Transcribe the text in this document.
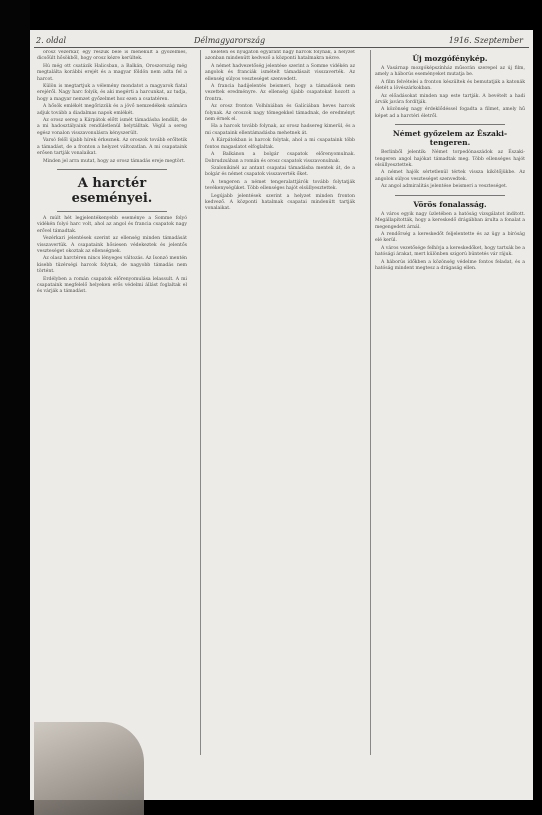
2. oldal	Délmagyarország	1916. Szeptember

orosz vezérkar, egy részük bele is menekült a győzelmes, dicsőült hősökből, hogy orosz kézre kerültek.

Hú még ott csatázik Halicsban, a Balkán, Oroszország még megtalálta korábbi erejét és a magyar földön nem adta fel a harcot.

Külön is megtartjuk a vélemény mondatot a magyarok fiatal erejéről. Nagy harc folyik, és aki megérti a harcunkat, az tudja, hogy a magyar nemzet győzelmet hoz ezen a csatatéren.

A hősök emlékét megőrizzük és a jövő nemzedékek számára adjuk tovább a diadalmas napok emlékét.

Az orosz sereg a Kárpátok előtt ismét támadásba lendült, de a mi hadosztályaink rendületlenül helytálltak. Végül a sereg egész vonalon visszavonulásra kényszerült.

Varsó felől újabb hírek érkeznek. Az oroszok tovább erőltetik a támadást, de a fronton a helyzet változatlan. A mi csapataink erősen tartják vonalaikat.

Minden jel arra mutat, hogy az orosz támadás ereje megtört.

A harctér eseményei.

A múlt hét legjelentékenyebb eseménye a Somme folyó vidékén folyó harc volt, ahol az angol és francia csapatok nagy erővel támadtak.

Vezérkari jelentések szerint az ellenség minden támadását visszavertük. A csapataink hősiesen védekeztek és jelentős veszteséget okoztak az ellenségnek.

Az olasz harctéren nincs lényeges változás. Az Isonzó mentén kisebb tüzérségi harcok folytak, de nagyobb támadás nem történt.

Erdélyben a román csapatok előrenyomulása lelassult. A mi csapataink megfelelő helyeken erős védelmi állást foglaltak el és várják a támadást.

keleten és nyugaton egyaránt nagy harcok folynak, a helyzet azonban mindenütt kedvező a központi hatalmakra nézve.

A német hadvezetőség jelentése szerint a Somme vidékén az angolok és franciák ismételt támadásait visszaverték. Az ellenség súlyos veszteséget szenvedett.

A francia hadijelentés beismeri, hogy a támadások nem vezettek eredményre. Az ellenség újabb csapatokat hozott a frontra.

Az orosz fronton Volhíniában és Galíciában heves harcok folynak. Az oroszok nagy tömegekkel támadnak, de eredményt nem érnek el.

Ha a harcok tovább folynak, az orosz hadsereg kimerül, és a mi csapataink ellentámadásba mehetnek át.

A Kárpátokban is harcok folytak, ahol a mi csapataink több fontos magaslatot elfoglaltak.

A Balkánon a bolgár csapatok előrenyomulnak. Dobrudzsában a román és orosz csapatok visszavonulnak.

Szalonikinél az antant csapatai támadásba mentek át, de a bolgár és német csapatok visszaverték őket.

A tengeren a német tengeralattjárók tovább folytatják tevékenységüket. Több ellenséges hajót elsüllyesztettek.

Legújabb jelentések szerint a helyzet minden fronton kedvező. A központi hatalmak csapatai mindenütt tartják vonalaikat.

Új mozgófénykép.

A Vasárnap mozgóképszínház műsorán szerepel az új film, amely a háborús eseményeket mutatja be.

A film felvételei a fronton készültek és bemutatják a katonák életét a lövészárkokban.

Az előadásokat minden nap este tartják. A bevételt a hadi árvák javára fordítják.

A közönség nagy érdeklődéssel fogadta a filmet, amely hű képet ad a harctéri életről.

Német győzelem az Északi-tengeren.

Berlinből jelentik: Német torpedónaszádok az Északi-tengeren angol hajókat támadtak meg. Több ellenséges hajót elsüllyesztettek.

A német hajók sértetlenül tértek vissza kikötőjükbe. Az angolok súlyos veszteséget szenvedtek.

Az angol admiralitás jelentése beismeri a veszteséget.

Vörös fonalasság.

A város egyik nagy üzletében a hatóság vizsgálatot indított. Megállapították, hogy a kereskedő drágábban árulta a fonalat a megengedett árnál.

A rendőrség a kereskedőt feljelentette és az ügy a bíróság elé kerül.

A város vezetősége felhívja a kereskedőket, hogy tartsák be a hatósági árakat, mert különben szigorú büntetés vár rájuk.

A háborús időkben a közönség védelme fontos feladat, és a hatóság mindent megtesz a drágaság ellen.
